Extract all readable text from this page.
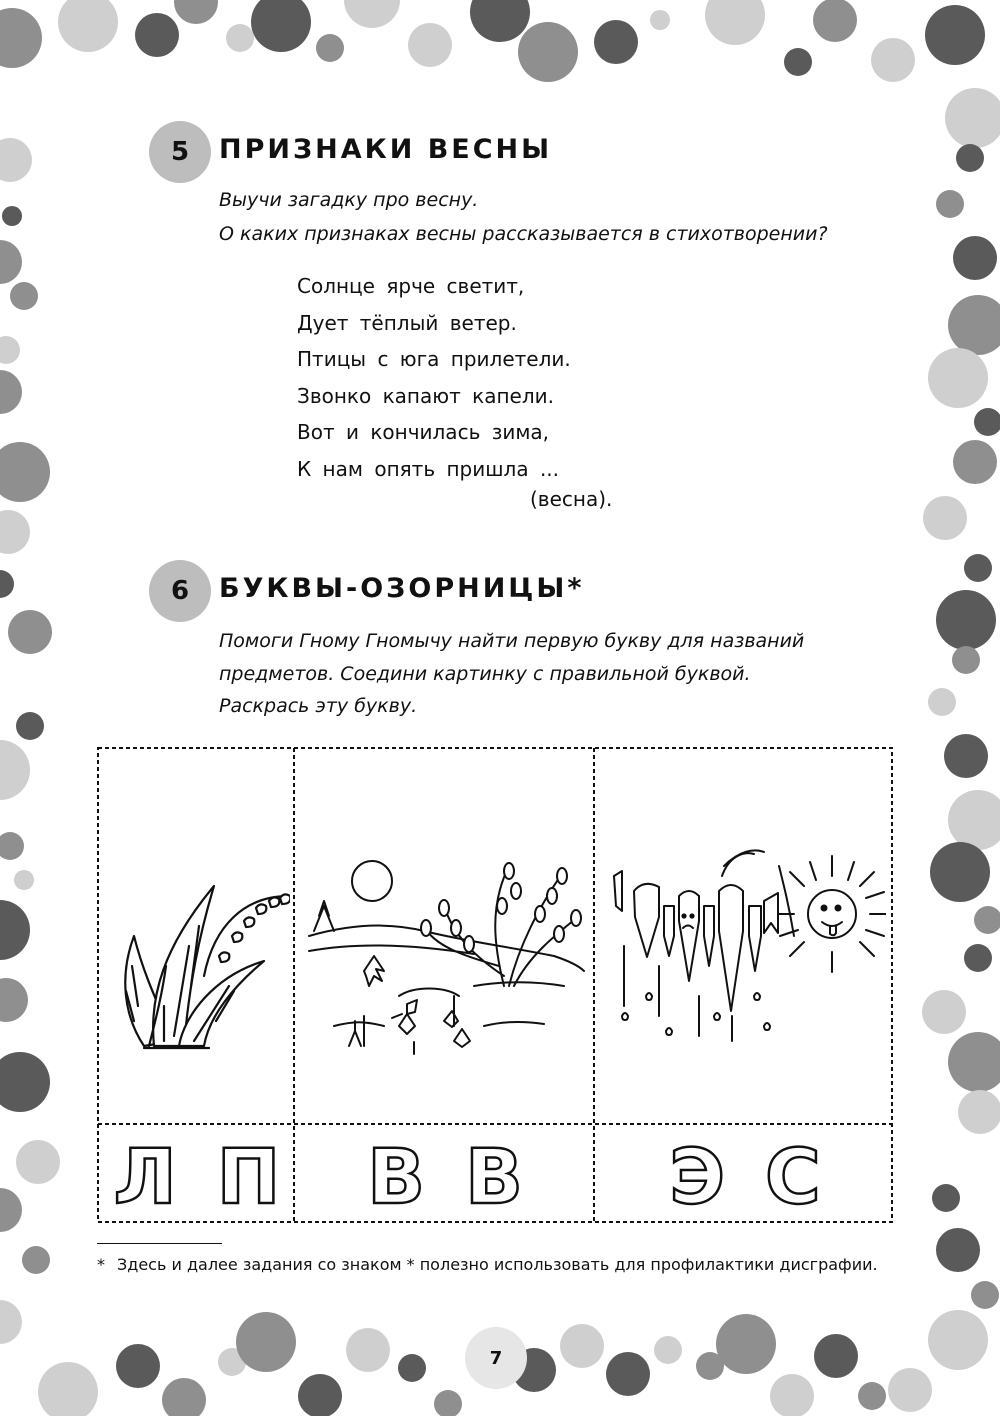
5	ПРИЗНАКИ ВЕСНЫ
Выучи загадку про весну.
О каких признаках весны рассказывается в стихотворении?
Солнце ярче светит,
Дует тёплый ветер.
Птицы с юга прилетели.
Звонко капают капели.
Вот и кончилась зима,
К нам опять пришла ...
(весна).
6	БУКВЫ-ОЗОРНИЦЫ*
Помоги Гному Гномычу найти первую букву для названий
предметов. Соедини картинку с правильной буквой.
Раскрась эту букву.
Л П В В Э С
* Здесь и далее задания со знаком * полезно использовать для профилактики дисграфии.
7
